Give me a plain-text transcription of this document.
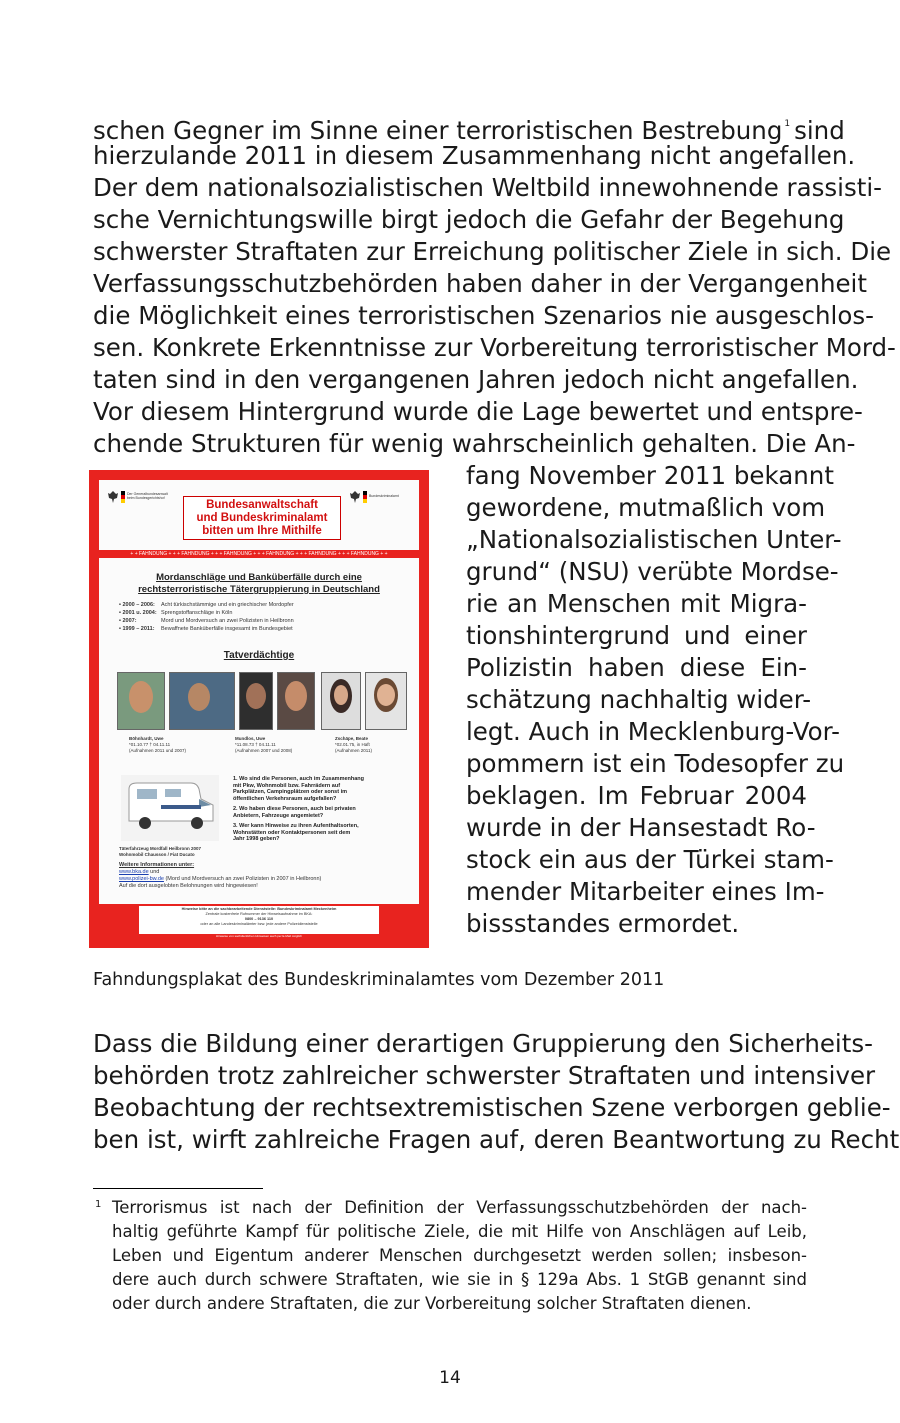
schen Gegner im Sinne einer terroristischen Bestrebung $^1$ sind
hierzulande 2011 in diesem Zusammenhang nicht angefallen.
Der dem nationalsozialistischen Weltbild innewohnende rassisti-
sche Vernichtungswille birgt jedoch die Gefahr der Begehung
schwerster Straftaten zur Erreichung politischer Ziele in sich. Die
Verfassungsschutzbehörden haben daher in der Vergangenheit
die Möglichkeit eines terroristischen Szenarios nie ausgeschlos-
sen. Konkrete Erkenntnisse zur Vorbereitung terroristischer Mord-
taten sind in den vergangenen Jahren jedoch nicht angefallen.
Vor diesem Hintergrund wurde die Lage bewertet und entspre-
chende Strukturen für wenig wahrscheinlich gehalten. Die An-
fang November 2011 bekannt
gewordene, mutmaßlich vom
„Nationalsozialistischen Unter-
grund“ (NSU) verübte Mordse-
rie an Menschen mit Migra-
tionshintergrund und einer
Polizistin haben diese Ein-
schätzung nachhaltig wider-
legt. Auch in Mecklenburg-Vor-
pommern ist ein Todesopfer zu
beklagen. Im Februar 2004
wurde in der Hansestadt Ro-
stock ein aus der Türkei stam-
mender Mitarbeiter eines Im-
bissstandes ermordet.
Der Generalbundesanwalt beim Bundesgerichtshof	Bundeskriminalamt
Bundesanwaltschaft
und Bundeskriminalamt
bitten um Ihre Mithilfe
+ + FAHNDUNG + + + FAHNDUNG + + + FAHNDUNG + + + FAHNDUNG + + + FAHNDUNG + + + FAHNDUNG + +
Mordanschläge und Banküberfälle durch eine
rechtsterroristische Tätergruppierung in Deutschland
• 2000 – 2006: Acht türkischstämmige und ein griechischer Mordopfer
• 2001 u. 2004: Sprengstoffanschläge in Köln
• 2007:	Mord und Mordversuch an zwei Polizisten in Heilbronn
• 1999 – 2011: Bewaffnete Banküberfälle insgesamt im Bundesgebiet
Tatverdächtige
Böhnhardt, Uwe
*01.10.77 † 04.11.11
(Aufnahmen 2011 und 2007)
Mundlos, Uwe
*11.08.73 † 04.11.11
(Aufnahmen 2007 und 2008)
Zschäpe, Beate
*02.01.75, in Haft
(Aufnahmen 2011)
Täterfahrzeug Mordfall Heilbronn 2007
Wohnmobil Chausson / Fiat Ducato
1. Wo sind die Personen, auch im Zusammenhang
mit Pkw, Wohnmobil bzw. Fahrrädern auf
Parkplätzen, Campingplätzen oder sonst im
öffentlichen Verkehrsraum aufgefallen?
2. Wo haben diese Personen, auch bei privaten
Anbietern, Fahrzeuge angemietet?
3. Wer kann Hinweise zu ihren Aufenthaltsorten,
Wohnstätten oder Kontaktpersonen seit dem
Jahr 1998 geben?
Weitere Informationen unter:
www.bka.de und
www.polizei-bw.de (Mord und Mordversuch an zwei Polizisten in 2007 in Heilbronn)
Auf die dort ausgelobten Belohnungen wird hingewiesen!
Hinweise bitte an die sachbearbeitende Dienststelle: Bundeskriminalamt Meckenheim
Zentrale kostenfreie Rufnummer der Hinweisaufnahme im BKA:
0800 – 9136 110
oder an alle Landeskriminalämter bzw. jede andere Polizeidienststelle
Hinweise von sachdienlichen Hinweisen auch per E-Mail möglich
Fahndungsplakat des Bundeskriminalamtes vom Dezember 2011
Dass die Bildung einer derartigen Gruppierung den Sicherheits-
behörden trotz zahlreicher schwerster Straftaten und intensiver
Beobachtung der rechtsextremistischen Szene verborgen geblie-
ben ist, wirft zahlreiche Fragen auf, deren Beantwortung zu Recht
1 Terrorismus ist nach der Definition der Verfassungsschutzbehörden der nach-
haltig geführte Kampf für politische Ziele, die mit Hilfe von Anschlägen auf Leib,
Leben und Eigentum anderer Menschen durchgesetzt werden sollen; insbeson-
dere auch durch schwere Straftaten, wie sie in § 129a Abs. 1 StGB genannt sind
oder durch andere Straftaten, die zur Vorbereitung solcher Straftaten dienen.
14
